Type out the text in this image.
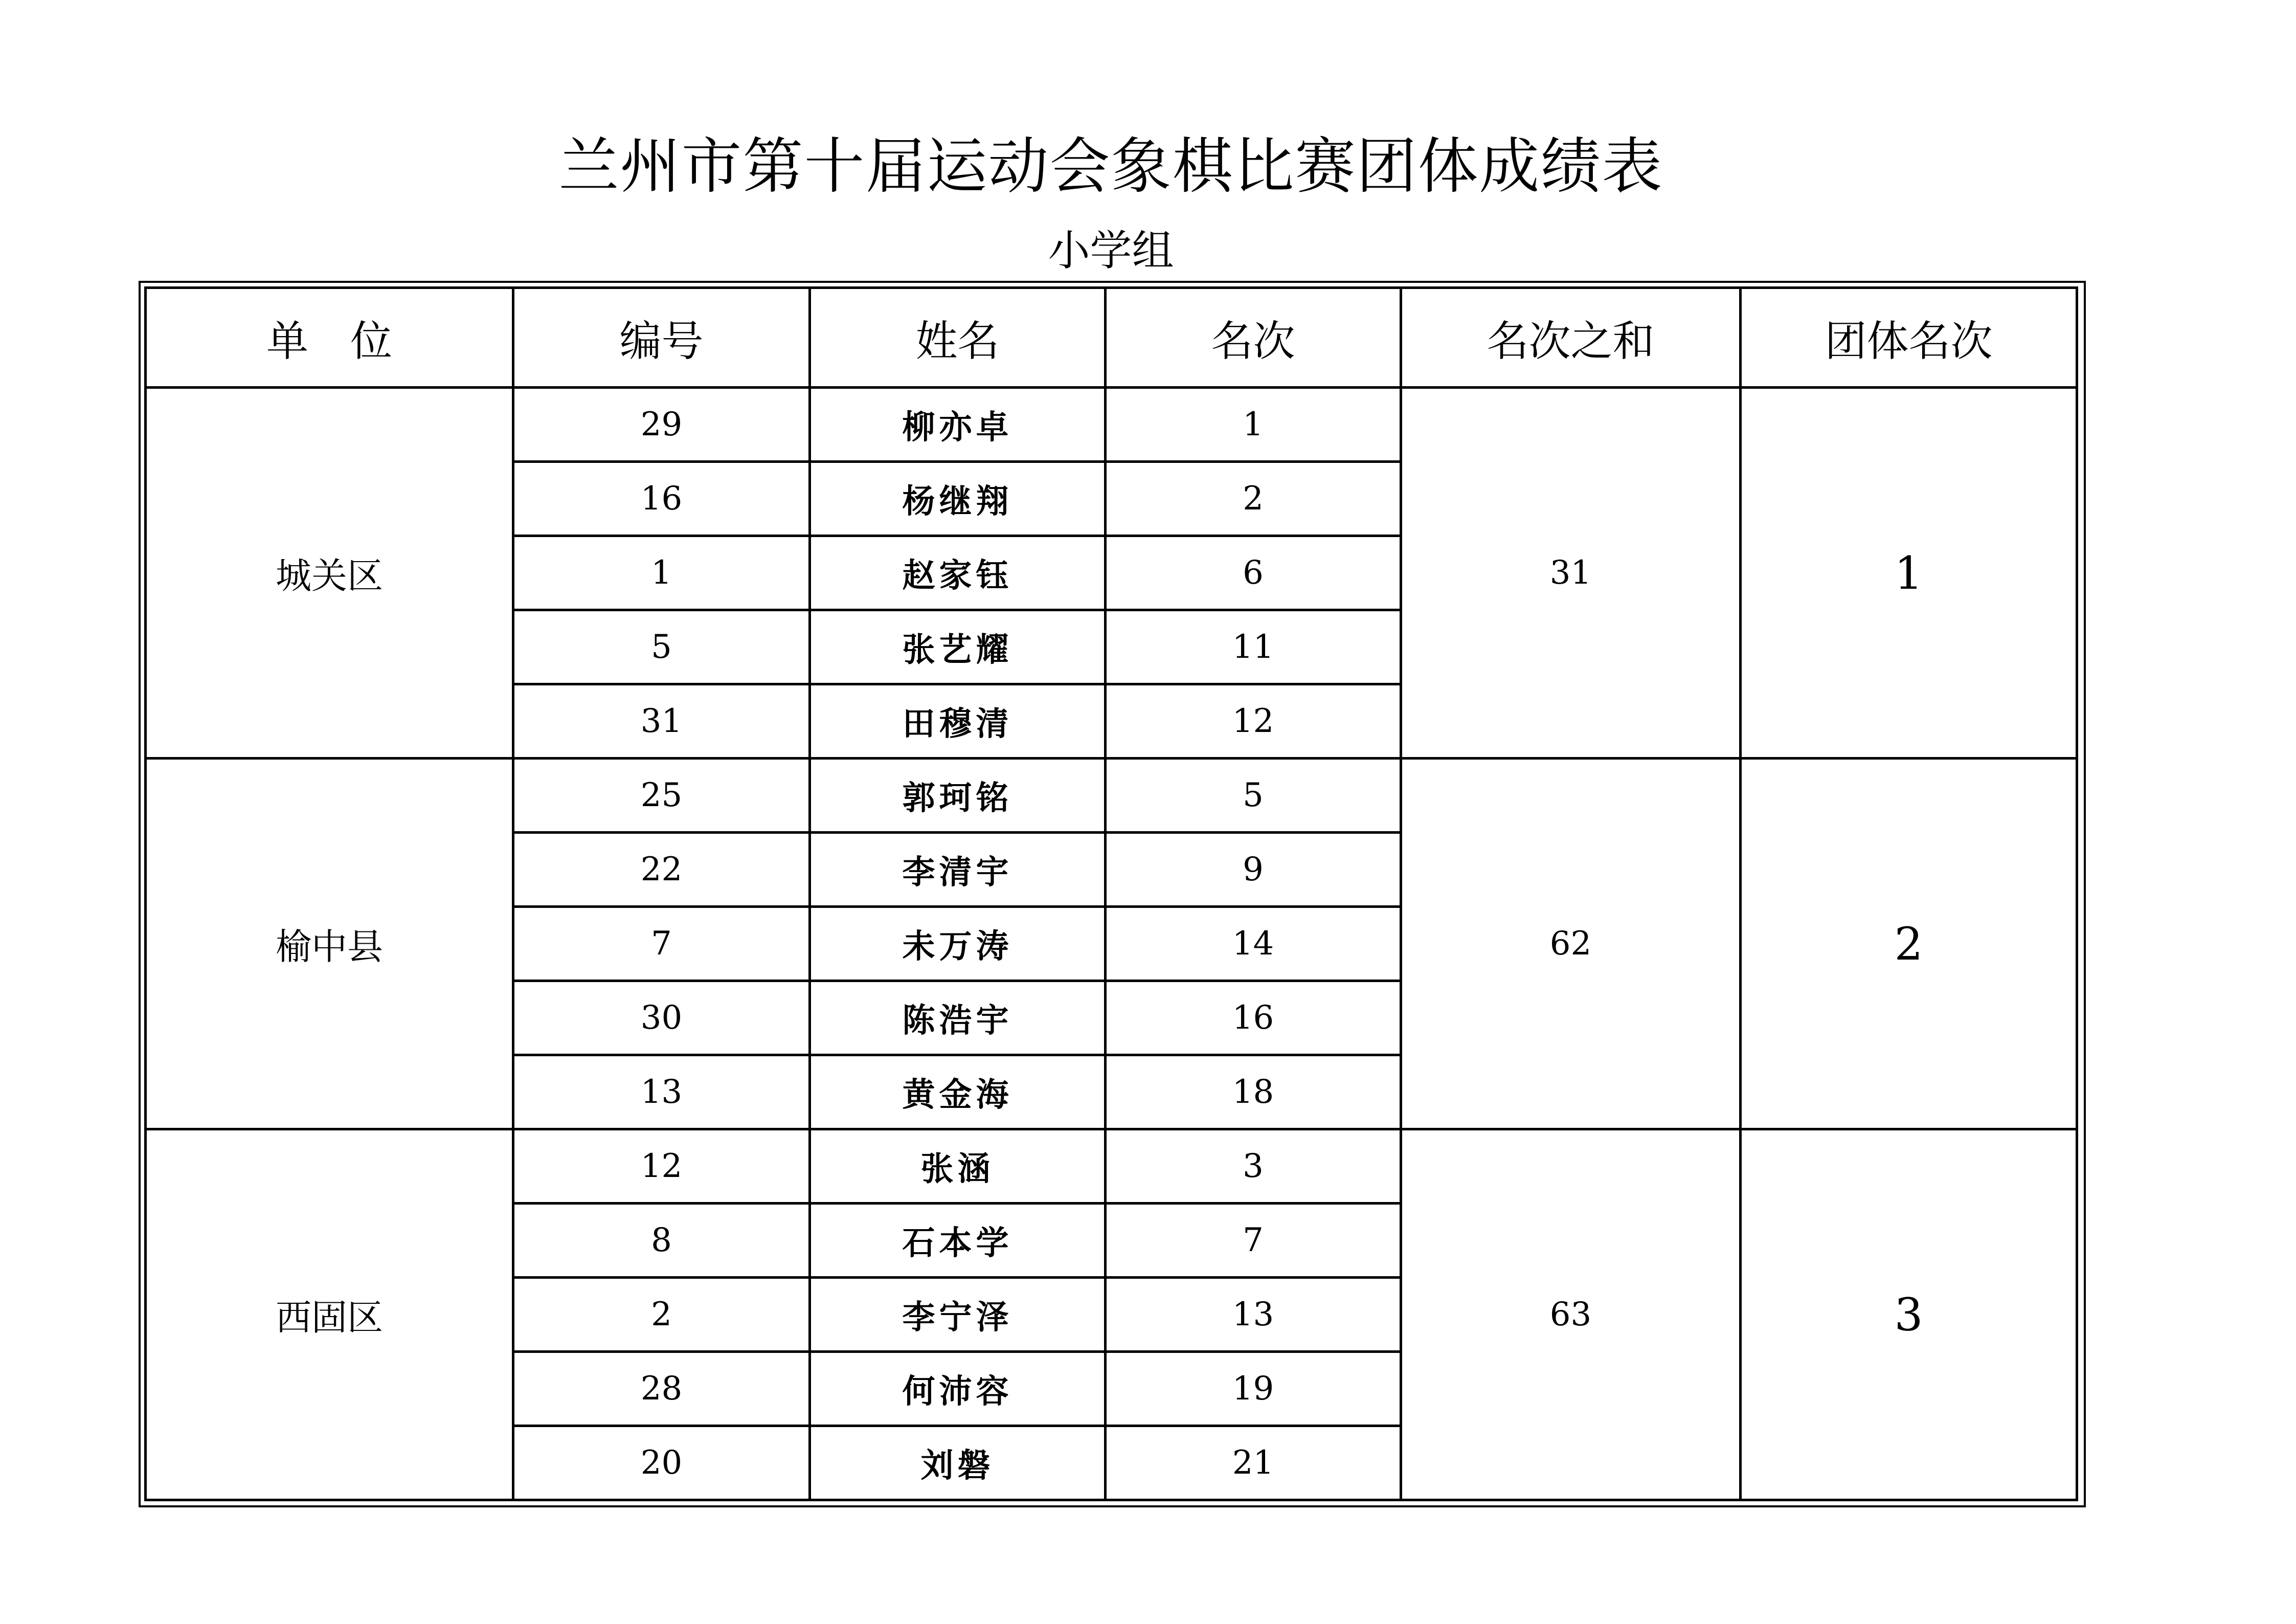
兰州市第十届运动会象棋比赛团体成绩表
小学组
单　位	编号	姓名	名次	名次之和	团体名次
城关区	29	柳亦卓	1	31	1
	16	杨继翔	2		
	1	赵家钰	6		
	5	张艺耀	11		
	31	田穆清	12		
榆中县	25	郭珂铭	5	62	2
	22	李清宇	9		
	7	未万涛	14		
	30	陈浩宇	16		
	13	黄金海	18		
西固区	12	张涵	3	63	3
	8	石本学	7		
	2	李宁泽	13		
	28	何沛容	19		
	20	刘磐	21		
